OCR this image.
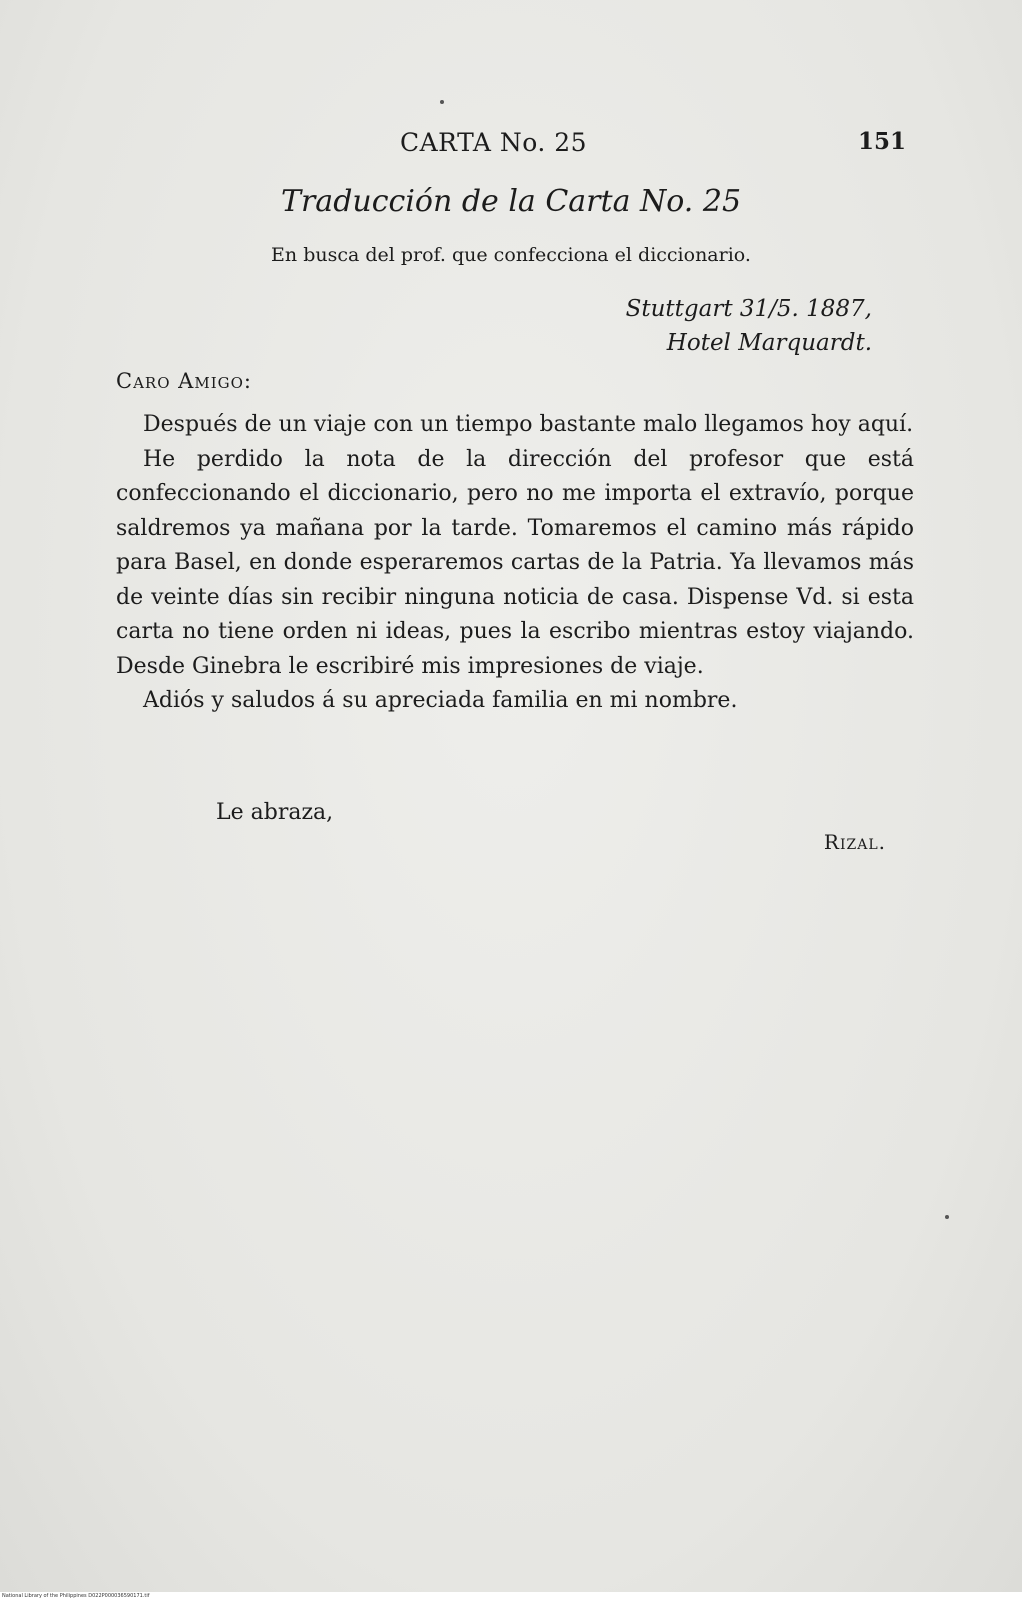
CARTA No. 25	151
Traducción de la Carta No. 25
En busca del prof. que confecciona el diccionario.
Stuttgart 31/5. 1887,
Hotel Marquardt.
Caro Amigo:

Después de un viaje con un tiempo bastante malo llegamos hoy aquí.

He perdido la nota de la dirección del profesor que está confeccionando el diccionario, pero no me importa el extravío, porque saldremos ya mañana por la tarde. Tomaremos el camino más rápido para Basel, en donde esperaremos cartas de la Patria. Ya llevamos más de veinte días sin recibir ninguna noticia de casa. Dispense Vd. si esta carta no tiene orden ni ideas, pues la escribo mientras estoy viajando. Desde Ginebra le escribiré mis impresiones de viaje.

Adiós y saludos á su apreciada familia en mi nombre.

Le abraza,
Rizal.
National Library of the Philippines D022P000036590171.tif
